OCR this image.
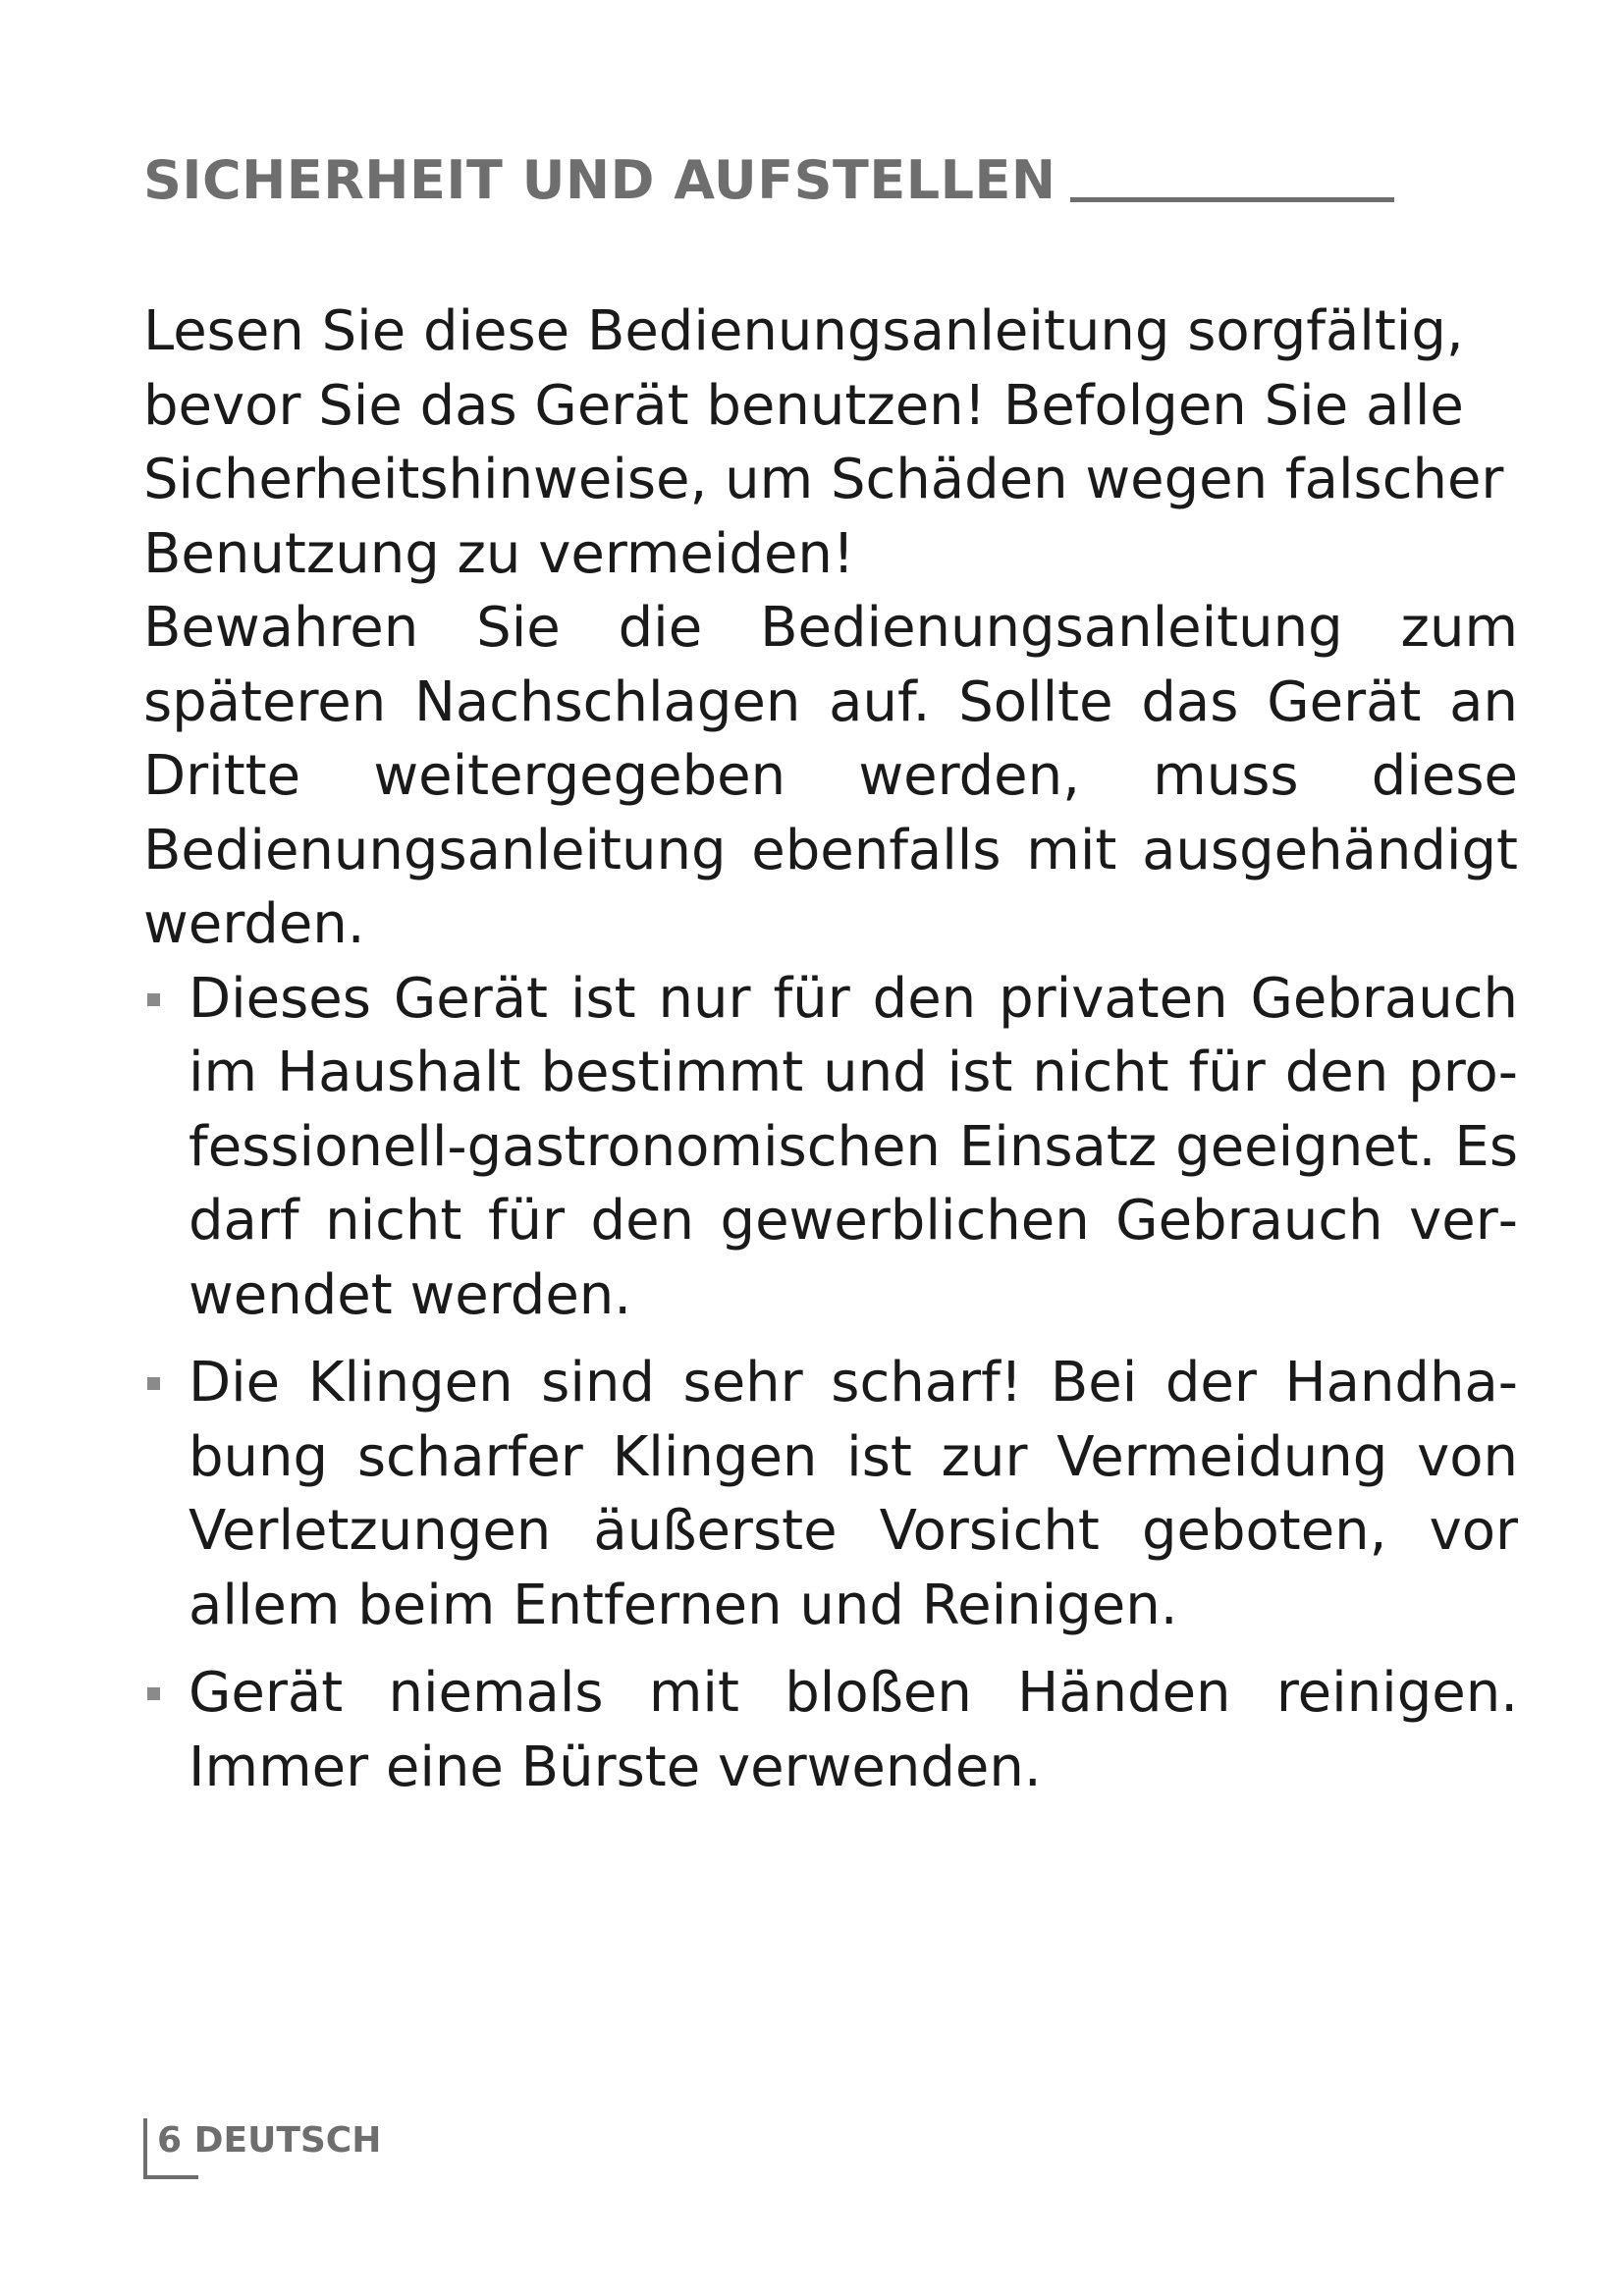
SICHERHEIT UND AUFSTELLEN

Lesen Sie diese Bedienungsanleitung sorgfältig, bevor Sie das Gerät benutzen! Befolgen Sie alle Sicherheitshinweise, um Schäden wegen falscher Benutzung zu vermeiden!

Bewahren Sie die Bedienungsanleitung zum späteren Nachschlagen auf. Sollte das Gerät an Dritte weitergegeben werden, muss diese Bedienungsanleitung ebenfalls mit ausgehändigt werden.

Dieses Gerät ist nur für den privaten Gebrauch im Haushalt bestimmt und ist nicht für den professionell-gastronomischen Einsatz geeignet. Es darf nicht für den gewerblichen Gebrauch verwendet werden.
Die Klingen sind sehr scharf! Bei der Handhabung scharfer Klingen ist zur Vermeidung von Verletzungen äußerste Vorsicht geboten, vor allem beim Entfernen und Reinigen.
Gerät niemals mit bloßen Händen reinigen. Immer eine Bürste verwenden.
6 DEUTSCH
